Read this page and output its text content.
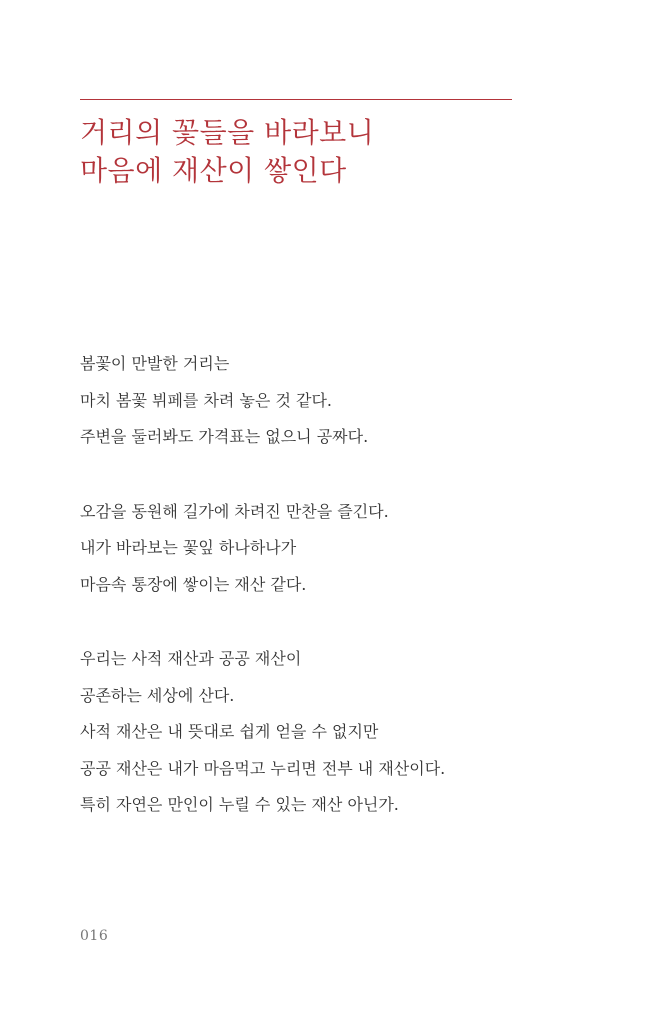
거리의 꽃들을 바라보니
마음에 재산이 쌓인다

봄꽃이 만발한 거리는
마치 봄꽃 뷔페를 차려 놓은 것 같다.
주변을 둘러봐도 가격표는 없으니 공짜다.

오감을 동원해 길가에 차려진 만찬을 즐긴다.
내가 바라보는 꽃잎 하나하나가
마음속 통장에 쌓이는 재산 같다.

우리는 사적 재산과 공공 재산이
공존하는 세상에 산다.
사적 재산은 내 뜻대로 쉽게 얻을 수 없지만
공공 재산은 내가 마음먹고 누리면 전부 내 재산이다.
특히 자연은 만인이 누릴 수 있는 재산 아닌가.

016
